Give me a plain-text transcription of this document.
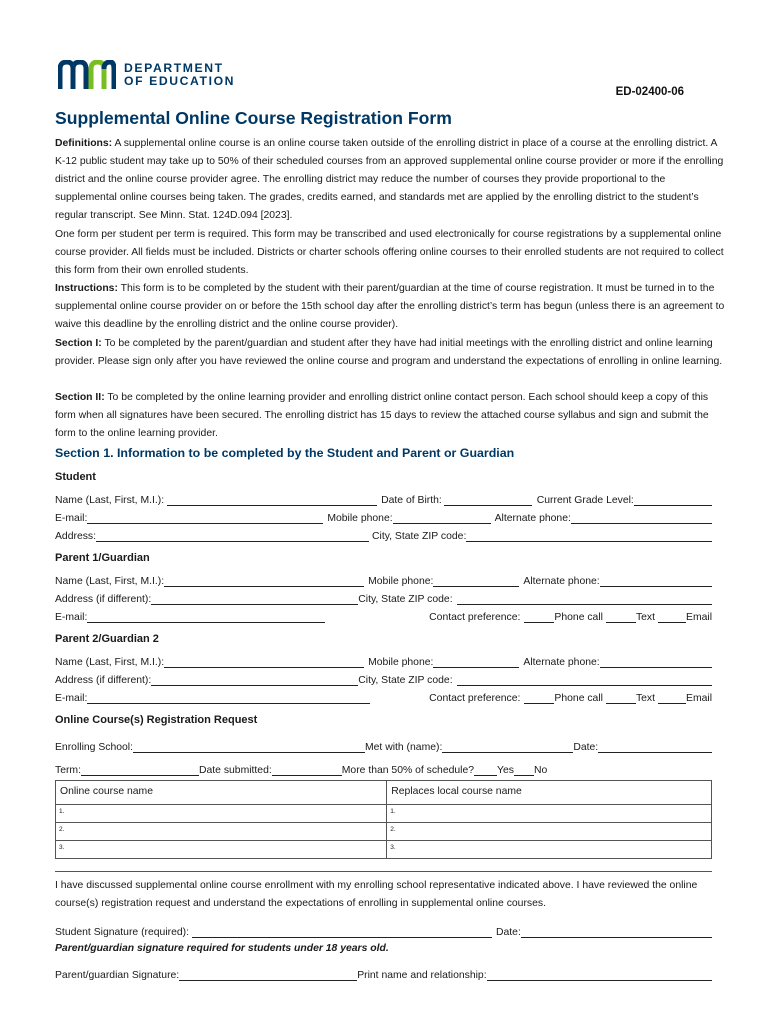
DEPARTMENT
OF EDUCATION
ED-02400-06
Supplemental Online Course Registration Form
Definitions: A supplemental online course is an online course taken outside of the enrolling district in place of a course at the enrolling district. A K-12 public student may take up to 50% of their scheduled courses from an approved supplemental online course provider or more if the enrolling district and the online course provider agree. The enrolling district may reduce the number of courses they provide proportional to the supplemental online courses being taken. The grades, credits earned, and standards met are applied by the enrolling district to the student’s regular transcript. See Minn. Stat. 124D.094 [2023].
One form per student per term is required. This form may be transcribed and used electronically for course registrations by a supplemental online course provider. All fields must be included. Districts or charter schools offering online courses to their enrolled students are not required to collect this form from their own enrolled students.
Instructions: This form is to be completed by the student with their parent/guardian at the time of course registration. It must be turned in to the supplemental online course provider on or before the 15th school day after the enrolling district’s term has begun (unless there is an agreement to waive this deadline by the enrolling district and the online course provider).
Section I: To be completed by the parent/guardian and student after they have had initial meetings with the enrolling district and online learning provider. Please sign only after you have reviewed the online course and program and understand the expectations of enrolling in online learning.
Section II: To be completed by the online learning provider and enrolling district online contact person. Each school should keep a copy of this form when all signatures have been secured. The enrolling district has 15 days to review the attached course syllabus and sign and submit the form to the online learning provider.
Section 1. Information to be completed by the Student and Parent or Guardian
Student
Name (Last, First, M.I.):	Date of Birth:	Current Grade Level:
E-mail:	Mobile phone:	Alternate phone:
Address:	City, State ZIP code:
Parent 1/Guardian
Name (Last, First, M.I.):	Mobile phone:	Alternate phone:
Address (if different):	City, State ZIP code:
E-mail:	Contact preference:	Phone call	Text	Email
Parent 2/Guardian 2
Name (Last, First, M.I.):	Mobile phone:	Alternate phone:
Address (if different):	City, State ZIP code:
E-mail:	Contact preference:	Phone call	Text	Email
Online Course(s) Registration Request
Enrolling School:	Met with (name):	Date:
Term:	Date submitted:	More than 50% of schedule? Yes No
Online course name	Replaces local course name
1.	1.
2.	2.
3.	3.
I have discussed supplemental online course enrollment with my enrolling school representative indicated above. I have reviewed the online course(s) registration request and understand the expectations of enrolling in supplemental online courses.
Student Signature (required):	Date:
Parent/guardian signature required for students under 18 years old.
Parent/guardian Signature:	Print name and relationship:
